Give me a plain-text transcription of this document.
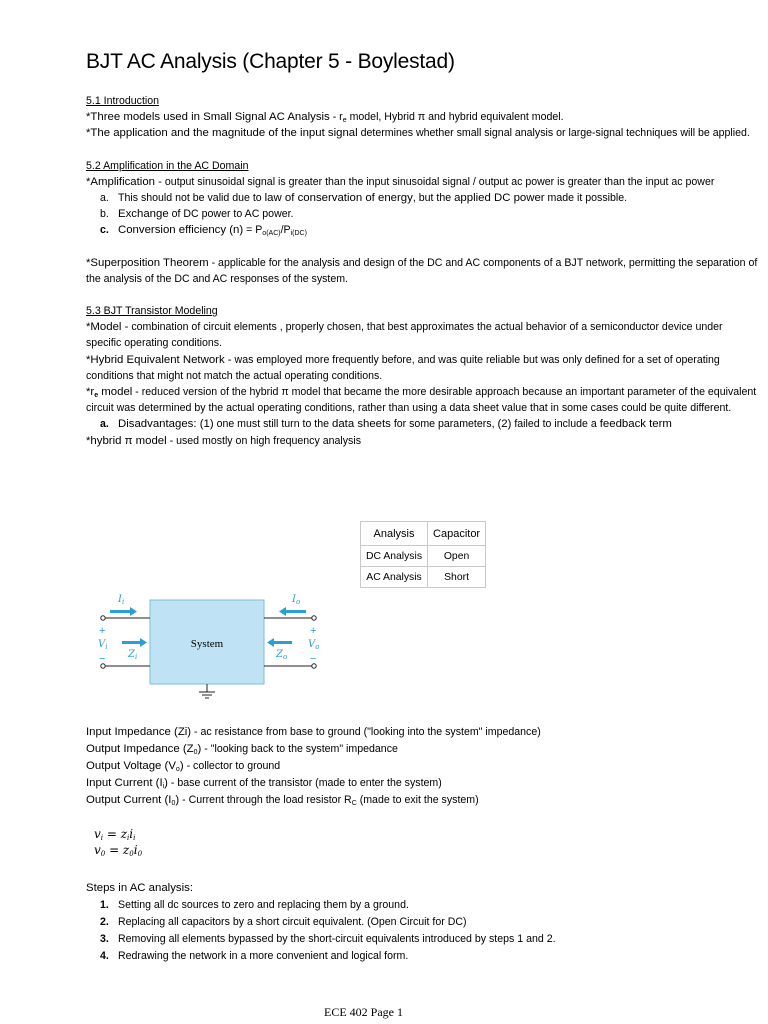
BJT AC Analysis (Chapter 5 - Boylestad)

5.1 Introduction

*Three models used in Small Signal AC Analysis - $r_e$ model, Hybrid π and hybrid equivalent model.

*The application and the magnitude of the input signal determines whether small signal analysis or large-signal techniques will be applied.

5.2 Amplification in the AC Domain

*Amplification - output sinusoidal signal is greater than the input sinusoidal signal / output ac power is greater than the input ac power

a. This should not be valid due to law of conservation of energy, but the applied DC power made it possible.
b. Exchange of DC power to AC power.
c. Conversion efficiency $(n) = P_{o(AC)}/P_{i(DC)}$

*Superposition Theorem - applicable for the analysis and design of the DC and AC components of a BJT network, permitting the separation of the analysis of the DC and AC responses of the system.

5.3 BJT Transistor Modeling

*Model - combination of circuit elements , properly chosen, that best approximates the actual behavior of a semiconductor device under specific operating conditions.

*Hybrid Equivalent Network - was employed more frequently before, and was quite reliable but was only defined for a set of operating conditions that might not match the actual operating conditions.

$*r_e$ model - reduced version of the hybrid π model that became the more desirable approach because an important parameter of the equivalent circuit was determined by the actual operating conditions, rather than using a data sheet value that in some cases could be quite different.

a. Disadvantages: (1) one must still turn to the data sheets for some parameters, (2) failed to include a feedback term

*hybrid π model - used mostly on high frequency analysis

Analysis	Capacitor
DC Analysis	Open
AC Analysis	Short
System
$I_i$	$I_o$
$Z_i$	$Z_o$
+
$V_i$
−
+
$V_o$
−

Input Impedance (Zi) - ac resistance from base to ground ("looking into the system" impedance)

Output Impedance $(Z_0)$ - "looking back to the system" impedance

Output Voltage $(V_o)$ - collector to ground

Input Current $(I_i)$ - base current of the transistor (made to enter the system)

Output Current $(I_0)$ - Current through the load resistor $R_C$ (made to exit the system)

$v_i = z_ii_i$

$v_0 = z_0i_0$

Steps in AC analysis:

1. Setting all dc sources to zero and replacing them by a ground.
2. Replacing all capacitors by a short circuit equivalent. (Open Circuit for DC)
3. Removing all elements bypassed by the short-circuit equivalents introduced by steps 1 and 2.
4. Redrawing the network in a more convenient and logical form.
ECE 402 Page 1
